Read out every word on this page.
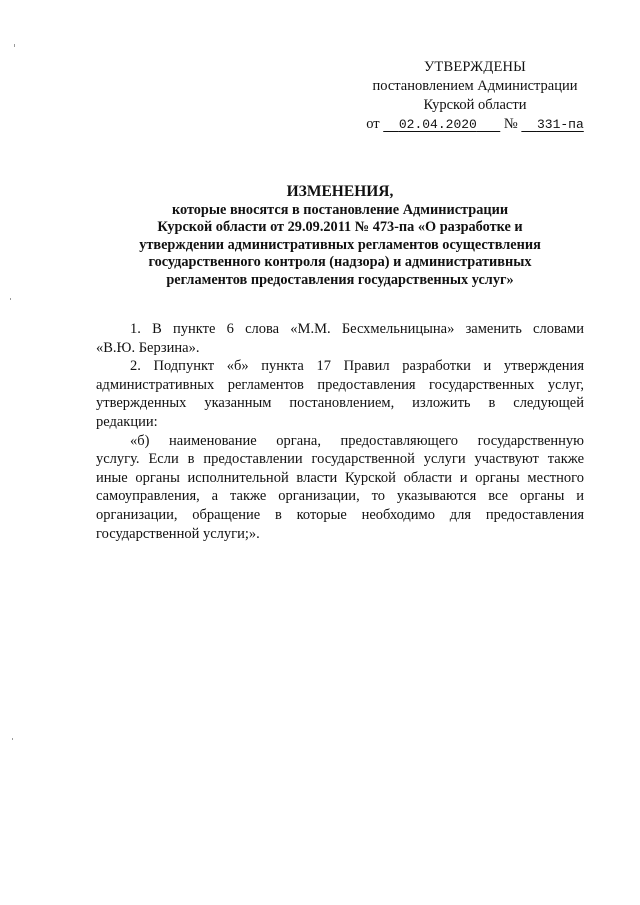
УТВЕРЖДЕНЫ
постановлением Администрации
Курской области
от 02.04.2020 № 331-па
ИЗМЕНЕНИЯ,
которые вносятся в постановление Администрации
Курской области от 29.09.2011 № 473-па «О разработке и
утверждении административных регламентов осуществления
государственного контроля (надзора) и административных
регламентов предоставления государственных услуг»
1. В пункте 6 слова «М.М. Бесхмельницына» заменить словами
«В.Ю. Берзина».
2. Подпункт «б» пункта 17 Правил разработки и утверждения
административных регламентов предоставления государственных услуг,
утвержденных указанным постановлением, изложить в следующей
редакции:
«б) наименование органа, предоставляющего государственную
услугу. Если в предоставлении государственной услуги участвуют также
иные органы исполнительной власти Курской области и органы местного
самоуправления, а также организации, то указываются все органы и
организации, обращение в которые необходимо для предоставления
государственной услуги;».
